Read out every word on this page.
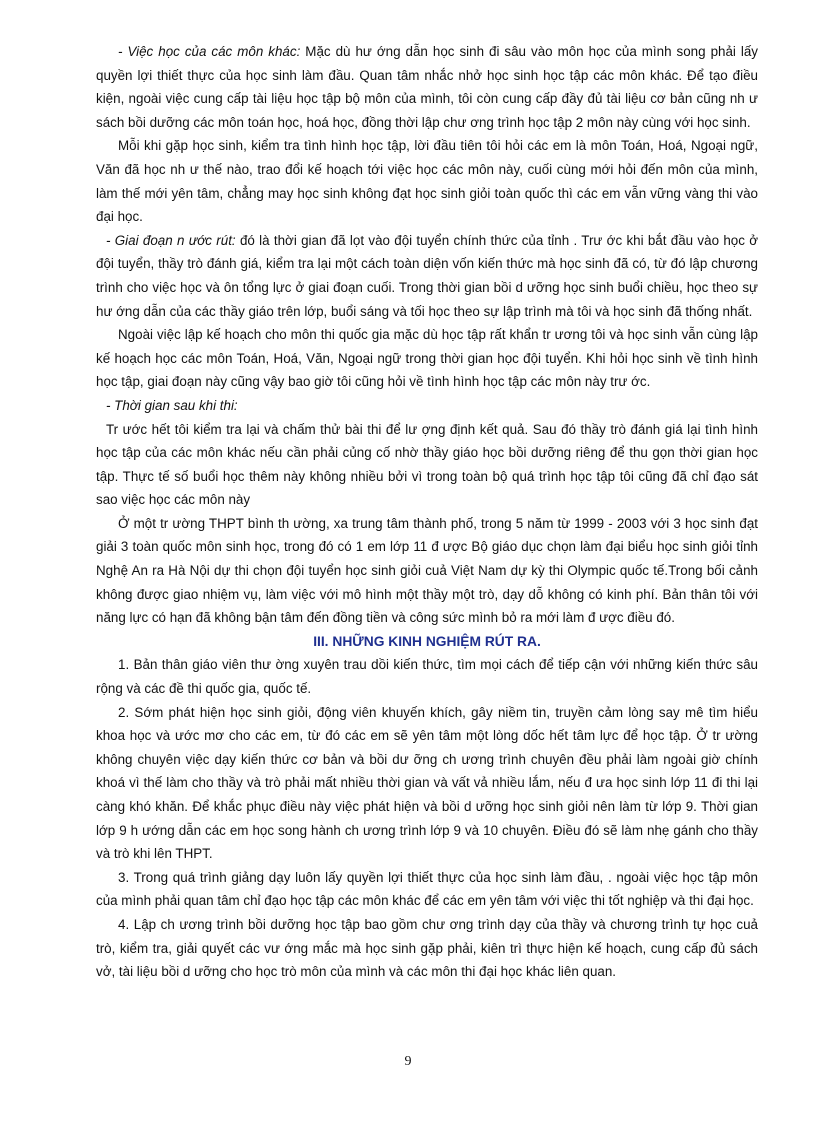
- Việc học của các môn khác: Mặc dù hư ớng dẫn học sinh đi sâu vào môn học của mình song phải lấy quyền lợi thiết thực của học sinh làm đầu. Quan tâm nhắc nhở học sinh học tập các môn khác. Để tạo điều kiện, ngoài việc cung cấp tài liệu học tập bộ môn của mình, tôi còn cung cấp đầy đủ tài liệu cơ bản cũng nh ư sách bồi dưỡng các môn toán học, hoá học, đồng thời lập chư ơng trình học tập 2 môn này cùng với học sinh.

Mỗi khi gặp học sinh, kiểm tra tình hình học tập, lời đầu tiên tôi hỏi các em là môn Toán, Hoá, Ngoại ngữ, Văn đã học nh ư thế nào, trao đổi kế hoạch tới việc học các môn này, cuối cùng mới hỏi đến môn của mình, làm thế mới yên tâm, chẳng may học sinh không đạt học sinh giỏi toàn quốc thì các em vẫn vững vàng thi vào đại học.

- Giai đoạn n ước rút: đó là thời gian đã lọt vào đội tuyển chính thức của tỉnh . Trư ớc khi bắt đầu vào học ở đội tuyển, thầy trò đánh giá, kiểm tra lại một cách toàn diện vốn kiến thức mà học sinh đã có, từ đó lập chương trình cho việc học và ôn tổng lực ở giai đoạn cuối. Trong thời gian bồi d ưỡng học sinh buổi chiều, học theo sự hư ớng dẫn của các thầy giáo trên lớp, buổi sáng và tối học theo sự lập trình mà tôi và học sinh đã thống nhất.

Ngoài việc lập kế hoạch cho môn thi quốc gia mặc dù học tập rất khẩn tr ương tôi và học sinh vẫn cùng lập kế hoạch học các môn Toán, Hoá, Văn, Ngoại ngữ trong thời gian học đội tuyển. Khi hỏi học sinh về tình hình học tập, giai đoạn này cũng vậy bao giờ tôi cũng hỏi về tình hình học tập các môn này trư ớc.

- Thời gian sau khi thi:

Tr ước hết tôi kiểm tra lại và chấm thử bài thi để lư ợng định kết quả. Sau đó thầy trò đánh giá lại tình hình học tập của các môn khác nếu cần phải củng cố nhờ thầy giáo học bồi dưỡng riêng để thu gọn thời gian học tập. Thực tế số buổi học thêm này không nhiều bởi vì trong toàn bộ quá trình học tập tôi cũng đã chỉ đạo sát sao việc học các môn này

Ở một tr ường THPT bình th ường, xa trung tâm thành phố, trong 5 năm từ 1999 - 2003 với 3 học sinh đạt giải 3 toàn quốc môn sinh học, trong đó có 1 em lớp 11 đ ược Bộ giáo dục chọn làm đại biểu học sinh giỏi tỉnh Nghệ An ra Hà Nội dự thi chọn đội tuyển học sinh giỏi cuả Việt Nam dự kỳ thi Olympic quốc tế.Trong bối cảnh không được giao nhiệm vụ, làm việc với mô hình một thầy một trò, dạy dỗ không có kinh phí. Bản thân tôi với năng lực có hạn đã không bận tâm đến đồng tiền và công sức mình bỏ ra mới làm đ ược điều đó.

III. NHỮNG KINH NGHIỆM RÚT RA.

1. Bản thân giáo viên thư ờng xuyên trau dồi kiến thức, tìm mọi cách để tiếp cận với những kiến thức sâu rộng và các đề thi quốc gia, quốc tế.

2. Sớm phát hiện học sinh giỏi, động viên khuyến khích, gây niềm tin, truyền cảm lòng say mê tìm hiểu khoa học và ước mơ cho các em, từ đó các em sẽ yên tâm một lòng dốc hết tâm lực để học tập. Ở tr ường không chuyên việc dạy kiến thức cơ bản và bồi dư ỡng ch ương trình chuyên đều phải làm ngoài giờ chính khoá vì thế làm cho thầy và trò phải mất nhiều thời gian và vất vả nhiều lắm, nếu đ ưa học sinh lớp 11 đi thi lại càng khó khăn. Để khắc phục điều này việc phát hiện và bồi d ưỡng học sinh giỏi nên làm từ lớp 9. Thời gian lớp 9 h ướng dẫn các em học song hành ch ương trình lớp 9 và 10 chuyên. Điều đó sẽ làm nhẹ gánh cho thầy và trò khi lên THPT.

3. Trong quá trình giảng dạy luôn lấy quyền lợi thiết thực của học sinh làm đầu, . ngoài việc học tập môn của mình phải quan tâm chỉ đạo học tập các môn khác để các em yên tâm với việc thi tốt nghiệp và thi đại học.

4. Lập ch ương trình bồi dưỡng học tập bao gồm chư ơng trình dạy của thầy và chương trình tự học cuả trò, kiểm tra, giải quyết các vư ớng mắc mà học sinh gặp phải, kiên trì thực hiện kế hoạch, cung cấp đủ sách vở, tài liệu bồi d ưỡng cho học trò môn của mình và các môn thi đại học khác liên quan.

9
